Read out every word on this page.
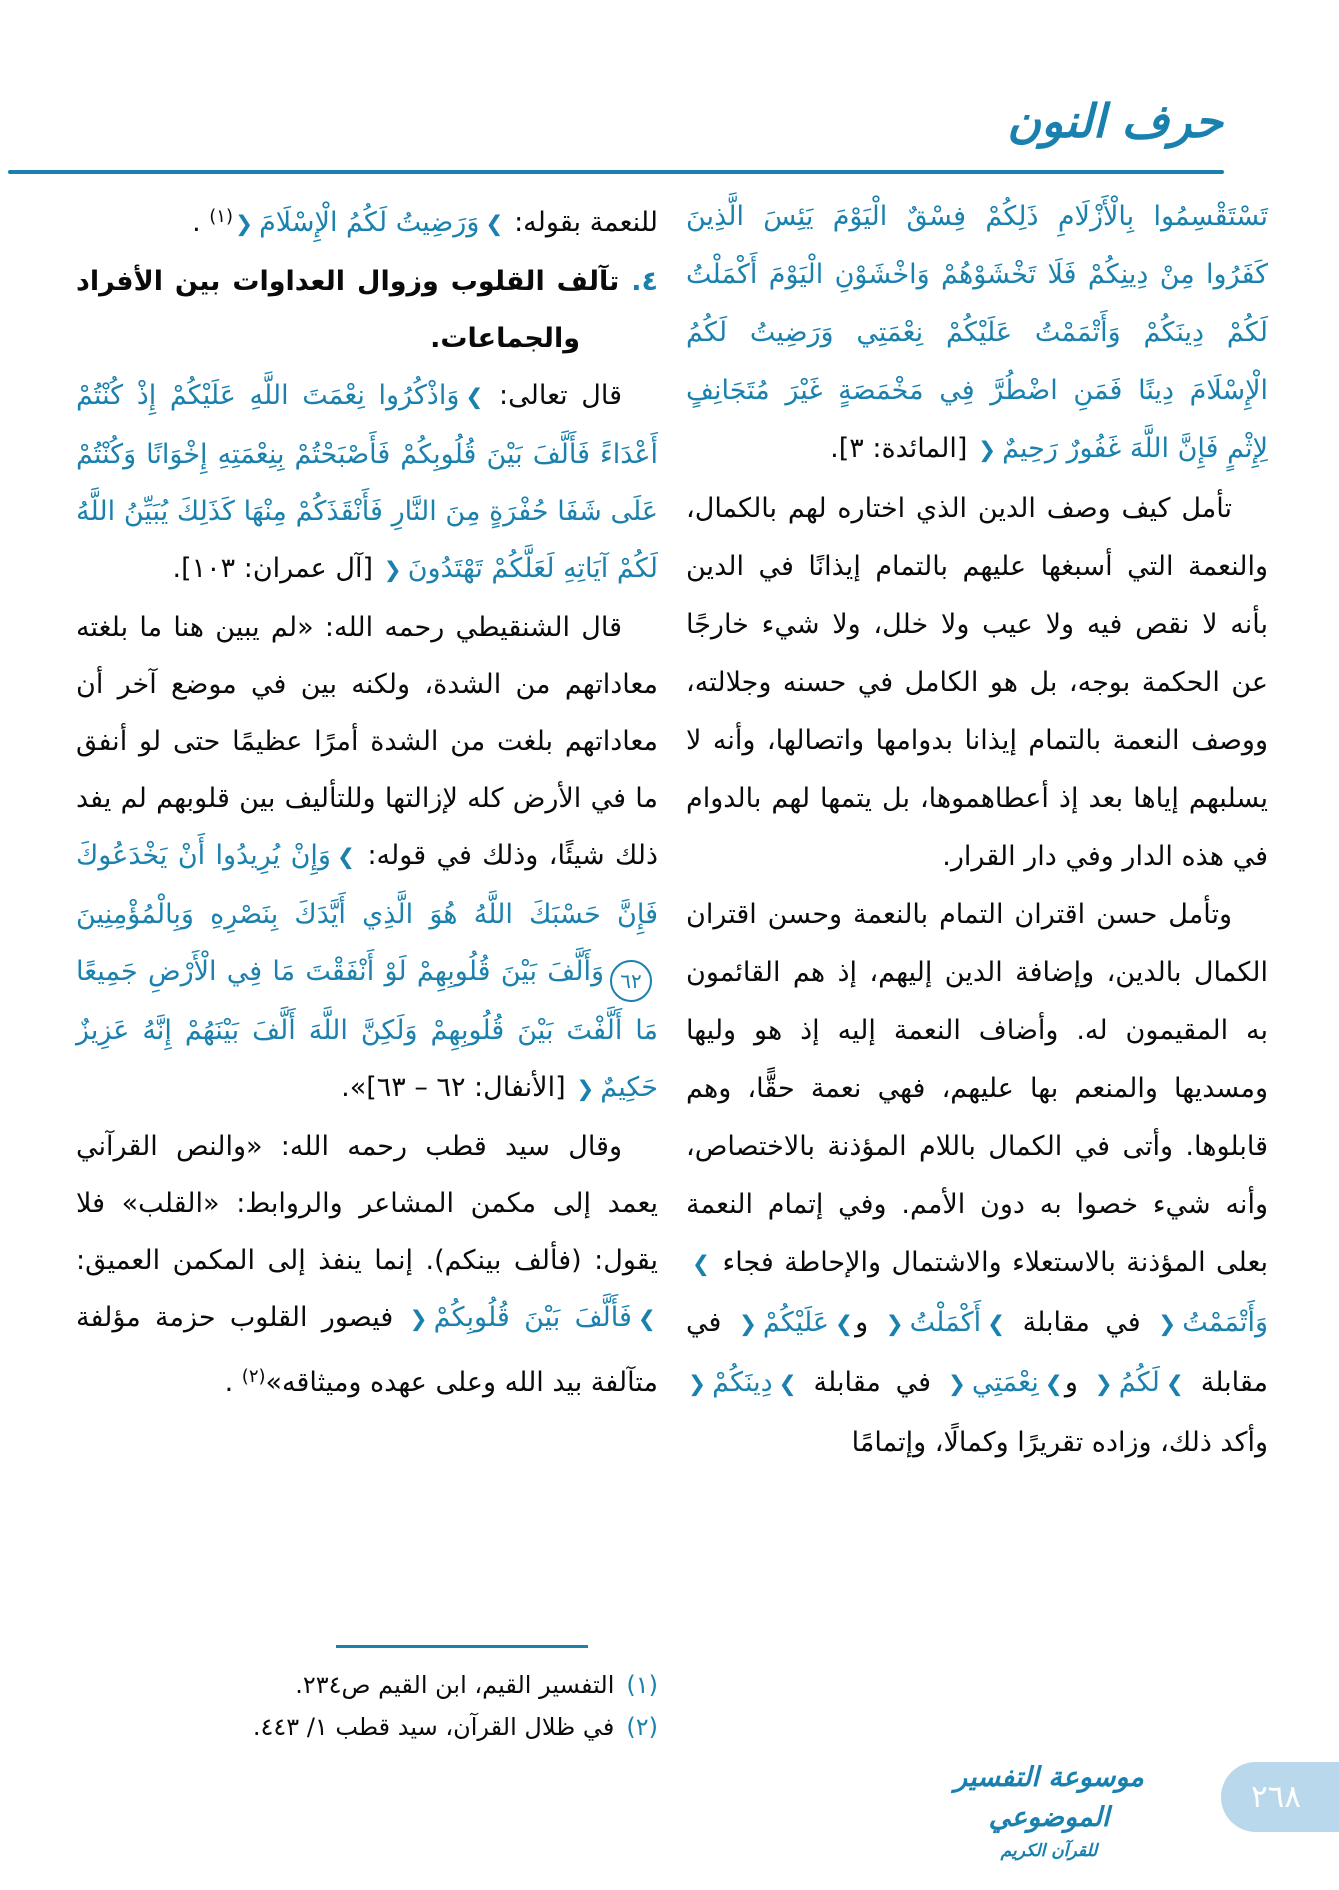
حرف النون

تَسْتَقْسِمُوا بِالْأَزْلَامِ ذَلِكُمْ فِسْقٌ الْيَوْمَ يَئِسَ الَّذِينَ كَفَرُوا مِنْ دِينِكُمْ فَلَا تَخْشَوْهُمْ وَاخْشَوْنِ الْيَوْمَ أَكْمَلْتُ لَكُمْ دِينَكُمْ وَأَتْمَمْتُ عَلَيْكُمْ نِعْمَتِي وَرَضِيتُ لَكُمُ الْإِسْلَامَ دِينًا فَمَنِ اضْطُرَّ فِي مَخْمَصَةٍ غَيْرَ مُتَجَانِفٍ لِإِثْمٍ فَإِنَّ اللَّهَ غَفُورٌ رَحِيمٌ ❮ [المائدة: ٣].

تأمل كيف وصف الدين الذي اختاره لهم بالكمال، والنعمة التي أسبغها عليهم بالتمام إيذانًا في الدين بأنه لا نقص فيه ولا عيب ولا خلل، ولا شيء خارجًا عن الحكمة بوجه، بل هو الكامل في حسنه وجلالته، ووصف النعمة بالتمام إيذانا بدوامها واتصالها، وأنه لا يسلبهم إياها بعد إذ أعطاهموها، بل يتمها لهم بالدوام في هذه الدار وفي دار القرار.

وتأمل حسن اقتران التمام بالنعمة وحسن اقتران الكمال بالدين، وإضافة الدين إليهم، إذ هم القائمون به المقيمون له. وأضاف النعمة إليه إذ هو وليها ومسديها والمنعم بها عليهم، فهي نعمة حقًّا، وهم قابلوها. وأتى في الكمال باللام المؤذنة بالاختصاص، وأنه شيء خصوا به دون الأمم. وفي إتمام النعمة بعلى المؤذنة بالاستعلاء والاشتمال والإحاطة فجاء ❯ وَأَتْمَمْتُ ❮ في مقابلة ❯ أَكْمَلْتُ ❮ و❯ عَلَيْكُمْ ❮ في مقابلة ❯ لَكُمُ ❮ و❯ نِعْمَتِي ❮ في مقابلة ❯ دِينَكُمْ ❮ وأكد ذلك، وزاده تقريرًا وكمالًا، وإتمامًا

للنعمة بقوله: ❯ وَرَضِيتُ لَكُمُ الْإِسْلَامَ ❮$^{(١)}$ .

٤. تآلف القلوب وزوال العداوات بين الأفراد والجماعات.

قال تعالى: ❯ وَاذْكُرُوا نِعْمَتَ اللَّهِ عَلَيْكُمْ إِذْ كُنْتُمْ أَعْدَاءً فَأَلَّفَ بَيْنَ قُلُوبِكُمْ فَأَصْبَحْتُمْ بِنِعْمَتِهِ إِخْوَانًا وَكُنْتُمْ عَلَى شَفَا حُفْرَةٍ مِنَ النَّارِ فَأَنْقَذَكُمْ مِنْهَا كَذَلِكَ يُبَيِّنُ اللَّهُ لَكُمْ آيَاتِهِ لَعَلَّكُمْ تَهْتَدُونَ ❮ [آل عمران: ١٠٣].

قال الشنقيطي رحمه الله: «لم يبين هنا ما بلغته معاداتهم من الشدة، ولكنه بين في موضع آخر أن معاداتهم بلغت من الشدة أمرًا عظيمًا حتى لو أنفق ما في الأرض كله لإزالتها وللتأليف بين قلوبهم لم يفد ذلك شيئًا، وذلك في قوله: ❯ وَإِنْ يُرِيدُوا أَنْ يَخْدَعُوكَ فَإِنَّ حَسْبَكَ اللَّهُ هُوَ الَّذِي أَيَّدَكَ بِنَصْرِهِ وَبِالْمُؤْمِنِينَ٦٢وَأَلَّفَ بَيْنَ قُلُوبِهِمْ لَوْ أَنْفَقْتَ مَا فِي الْأَرْضِ جَمِيعًا مَا أَلَّفْتَ بَيْنَ قُلُوبِهِمْ وَلَكِنَّ اللَّهَ أَلَّفَ بَيْنَهُمْ إِنَّهُ عَزِيزٌ حَكِيمٌ ❮ [الأنفال: ٦٢ – ٦٣]».

وقال سيد قطب رحمه الله: «والنص القرآني يعمد إلى مكمن المشاعر والروابط: «القلب» فلا يقول: (فألف بينكم). إنما ينفذ إلى المكمن العميق: ❯ فَأَلَّفَ بَيْنَ قُلُوبِكُمْ ❮ فيصور القلوب حزمة مؤلفة متآلفة بيد الله وعلى عهده وميثاقه»$^{(٢)}$ .

(١)
التفسير القيم، ابن القيم ص٢٣٤.
(٢)
في ظلال القرآن، سيد قطب ١/ ٤٤٣.
موسوعة التفسير الموضوعي
للقرآن الكريم
٢٦٨
